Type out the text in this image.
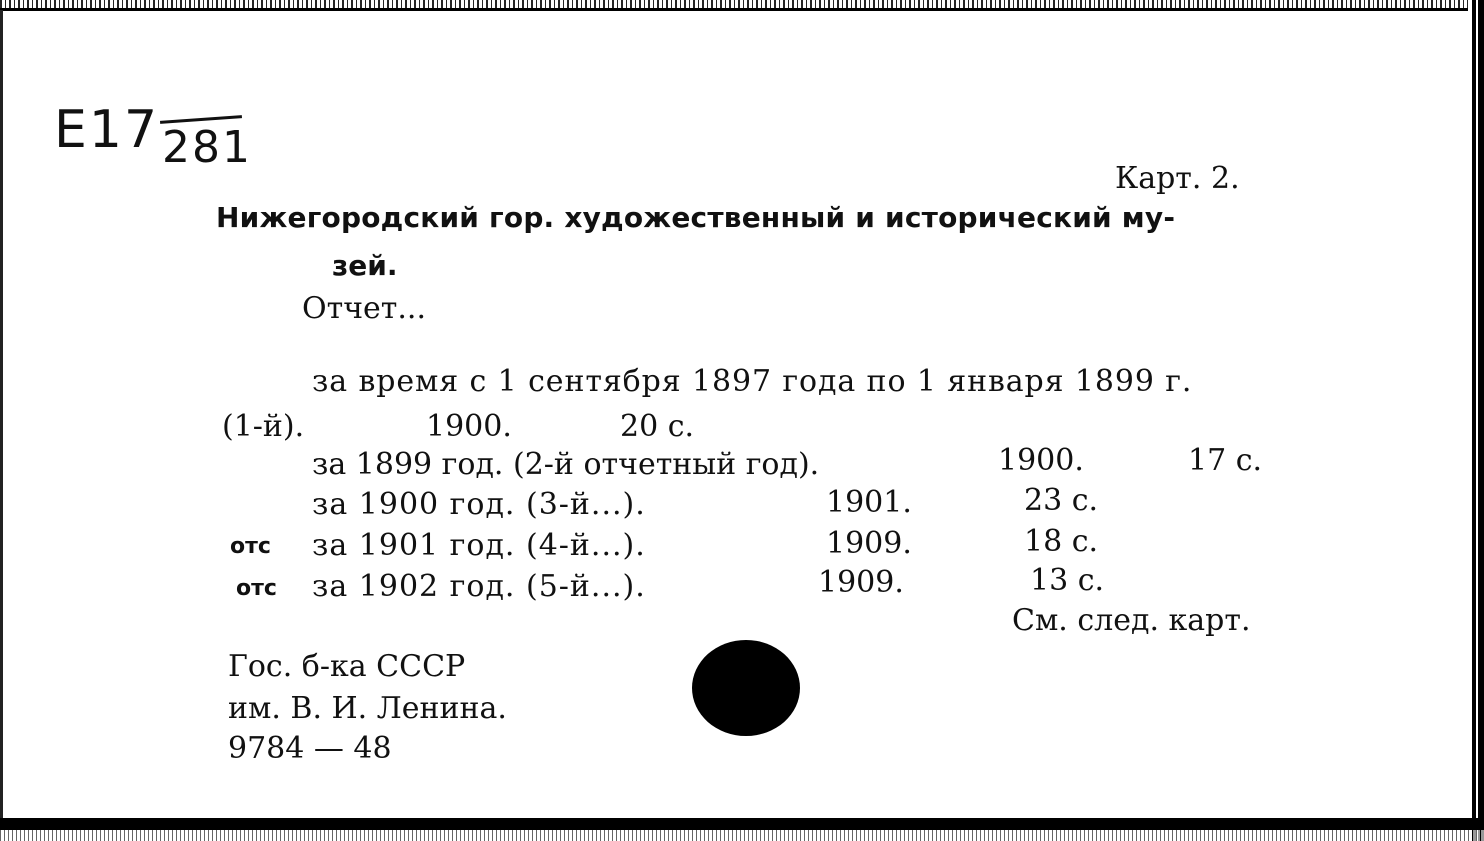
E17 281
Карт. 2.
Нижегородский гор. художественный и исторический му-
зей.
Отчет...
за время с 1 сентября 1897 года по 1 января 1899 г.
(1-й).	1900.	20 с.
за 1899 год. (2-й отчетный год).	1900.	17 с.
за 1900 год. (3-й...).	1901.	23 с.
отс за 1901 год. (4-й...).	1909.	18 с.
отс за 1902 год. (5-й...).	1909.	13 с.
См. след. карт.
Гос. б-ка СССР
им. В. И. Ленина.
9784 — 48
